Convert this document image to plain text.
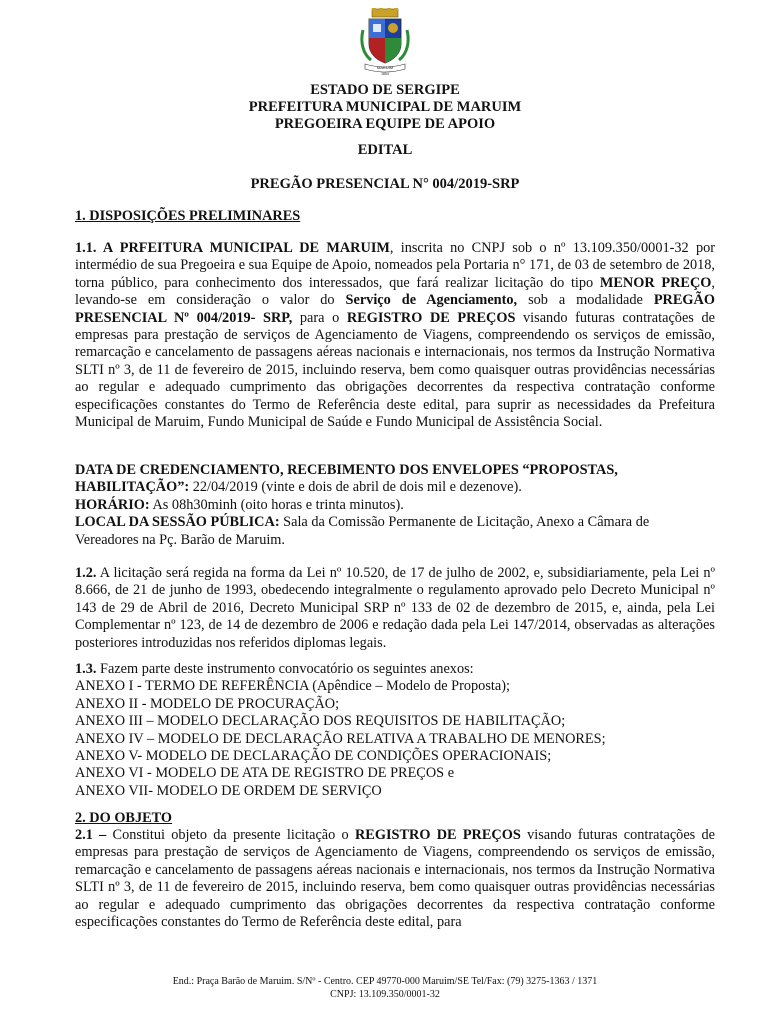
MARUIM
1854
ESTADO DE SERGIPE
PREFEITURA MUNICIPAL DE MARUIM
PREGOEIRA EQUIPE DE APOIO
EDITAL
PREGÃO PRESENCIAL N° 004/2019-SRP
1. DISPOSIÇÕES PRELIMINARES
1.1. A PRFEITURA MUNICIPAL DE MARUIM, inscrita no CNPJ sob o nº 13.109.350/0001-32 por intermédio de sua Pregoeira e sua Equipe de Apoio, nomeados pela Portaria n° 171, de 03 de setembro de 2018, torna público, para conhecimento dos interessados, que fará realizar licitação do tipo MENOR PREÇO, levando-se em consideração o valor do Serviço de Agenciamento, sob a modalidade PREGÃO PRESENCIAL Nº 004/2019- SRP, para o REGISTRO DE PREÇOS visando futuras contratações de empresas para prestação de serviços de Agenciamento de Viagens, compreendendo os serviços de emissão, remarcação e cancelamento de passagens aéreas nacionais e internacionais, nos termos da Instrução Normativa SLTI nº 3, de 11 de fevereiro de 2015, incluindo reserva, bem como quaisquer outras providências necessárias ao regular e adequado cumprimento das obrigações decorrentes da respectiva contratação conforme especificações constantes do Termo de Referência deste edital, para suprir as necessidades da Prefeitura Municipal de Maruim, Fundo Municipal de Saúde e Fundo Municipal de Assistência Social.
DATA DE CREDENCIAMENTO, RECEBIMENTO DOS ENVELOPES “PROPOSTAS, HABILITAÇÃO”: 22/04/2019 (vinte e dois de abril de dois mil e dezenove).
HORÁRIO: As 08h30minh (oito horas e trinta minutos).
LOCAL DA SESSÃO PÚBLICA: Sala da Comissão Permanente de Licitação, Anexo a Câmara de Vereadores na Pç. Barão de Maruim.
1.2. A licitação será regida na forma da Lei nº 10.520, de 17 de julho de 2002, e, subsidiariamente, pela Lei nº 8.666, de 21 de junho de 1993, obedecendo integralmente o regulamento aprovado pelo Decreto Municipal nº 143 de 29 de Abril de 2016, Decreto Municipal SRP nº 133 de 02 de dezembro de 2015, e, ainda, pela Lei Complementar nº 123, de 14 de dezembro de 2006 e redação dada pela Lei 147/2014, observadas as alterações posteriores introduzidas nos referidos diplomas legais.
1.3. Fazem parte deste instrumento convocatório os seguintes anexos:
ANEXO I - TERMO DE REFERÊNCIA (Apêndice – Modelo de Proposta);
ANEXO II - MODELO DE PROCURAÇÃO;
ANEXO III – MODELO DECLARAÇÃO DOS REQUISITOS DE HABILITAÇÃO;
ANEXO IV – MODELO DE DECLARAÇÃO RELATIVA A TRABALHO DE MENORES;
ANEXO V- MODELO DE DECLARAÇÃO DE CONDIÇÕES OPERACIONAIS;
ANEXO VI - MODELO DE ATA DE REGISTRO DE PREÇOS e
ANEXO VII- MODELO DE ORDEM DE SERVIÇO
2. DO OBJETO
2.1 – Constitui objeto da presente licitação o REGISTRO DE PREÇOS visando futuras contratações de empresas para prestação de serviços de Agenciamento de Viagens, compreendendo os serviços de emissão, remarcação e cancelamento de passagens aéreas nacionais e internacionais, nos termos da Instrução Normativa SLTI nº 3, de 11 de fevereiro de 2015, incluindo reserva, bem como quaisquer outras providências necessárias ao regular e adequado cumprimento das obrigações decorrentes da respectiva contratação conforme especificações constantes do Termo de Referência deste edital, para
End.: Praça Barão de Maruim. S/Nº - Centro. CEP 49770-000 Maruim/SE Tel/Fax: (79) 3275-1363 / 1371
CNPJ: 13.109.350/0001-32
